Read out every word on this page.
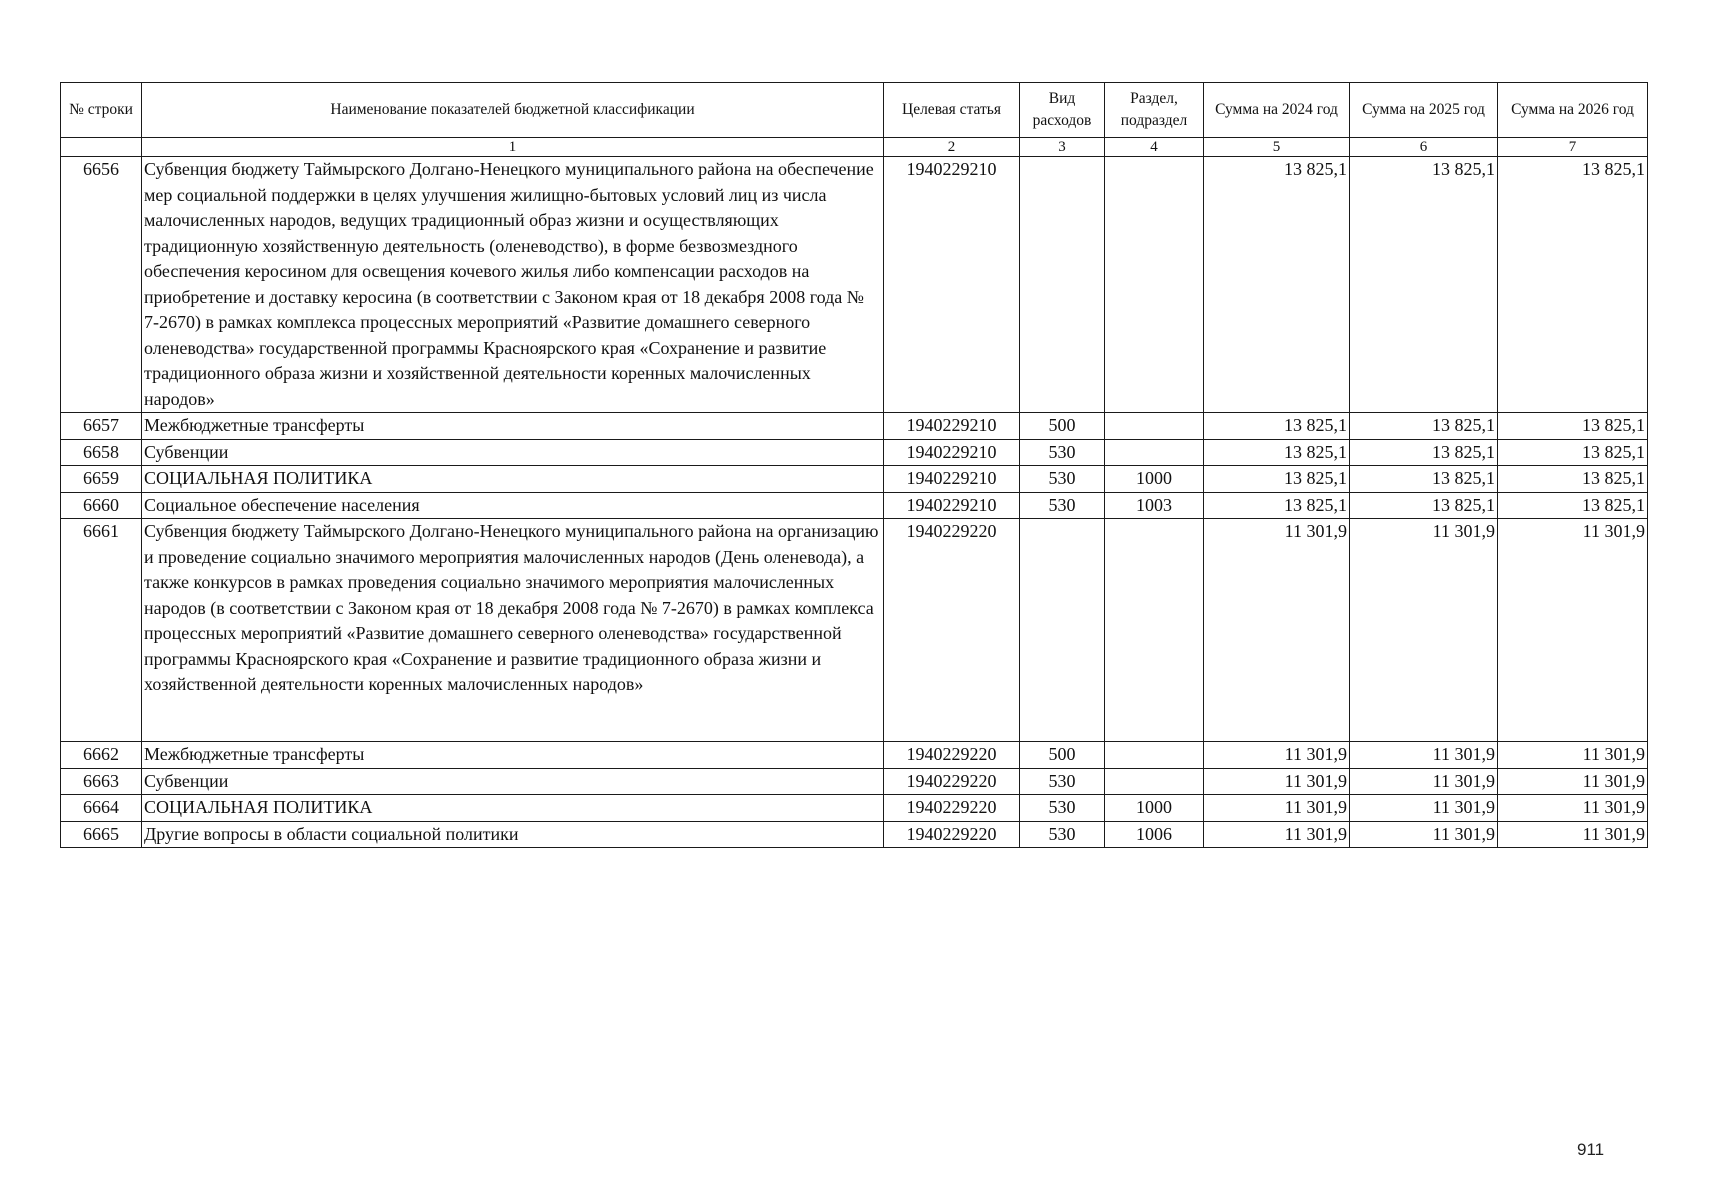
№ строки	Наименование показателей бюджетной классификации	Целевая статья	Вид расходов	Раздел, подраздел	Сумма на 2024 год	Сумма на 2025 год	Сумма на 2026 год
	1	2	3	4	5	6	7
6656	Субвенция бюджету Таймырского Долгано-Ненецкого муниципального района на обеспечение мер социальной поддержки в целях улучшения жилищно-бытовых условий лиц из числа малочисленных народов, ведущих традиционный образ жизни и осуществляющих традиционную хозяйственную деятельность (оленеводство), в форме безвозмездного обеспечения керосином для освещения кочевого жилья либо компенсации расходов на приобретение и доставку керосина (в соответствии с Законом края от 18 декабря 2008 года № 7-2670) в рамках комплекса процессных мероприятий «Развитие домашнего северного оленеводства» государственной программы Красноярского края «Сохранение и развитие традиционного образа жизни и хозяйственной деятельности коренных малочисленных народов»	1940229210			13 825,1	13 825,1	13 825,1
6657	Межбюджетные трансферты	1940229210	500		13 825,1	13 825,1	13 825,1
6658	Субвенции	1940229210	530		13 825,1	13 825,1	13 825,1
6659	СОЦИАЛЬНАЯ ПОЛИТИКА	1940229210	530	1000	13 825,1	13 825,1	13 825,1
6660	Социальное обеспечение населения	1940229210	530	1003	13 825,1	13 825,1	13 825,1
6661	Субвенция бюджету Таймырского Долгано-Ненецкого муниципального района на организацию и проведение социально значимого мероприятия малочисленных народов (День оленевода), а также конкурсов в рамках проведения социально значимого мероприятия малочисленных народов (в соответствии с Законом края от 18 декабря 2008 года № 7-2670) в рамках комплекса процессных мероприятий «Развитие домашнего северного оленеводства» государственной программы Красноярского края «Сохранение и развитие традиционного образа жизни и хозяйственной деятельности коренных малочисленных народов»	1940229220			11 301,9	11 301,9	11 301,9
6662	Межбюджетные трансферты	1940229220	500		11 301,9	11 301,9	11 301,9
6663	Субвенции	1940229220	530		11 301,9	11 301,9	11 301,9
6664	СОЦИАЛЬНАЯ ПОЛИТИКА	1940229220	530	1000	11 301,9	11 301,9	11 301,9
6665	Другие вопросы в области социальной политики	1940229220	530	1006	11 301,9	11 301,9	11 301,9
911
